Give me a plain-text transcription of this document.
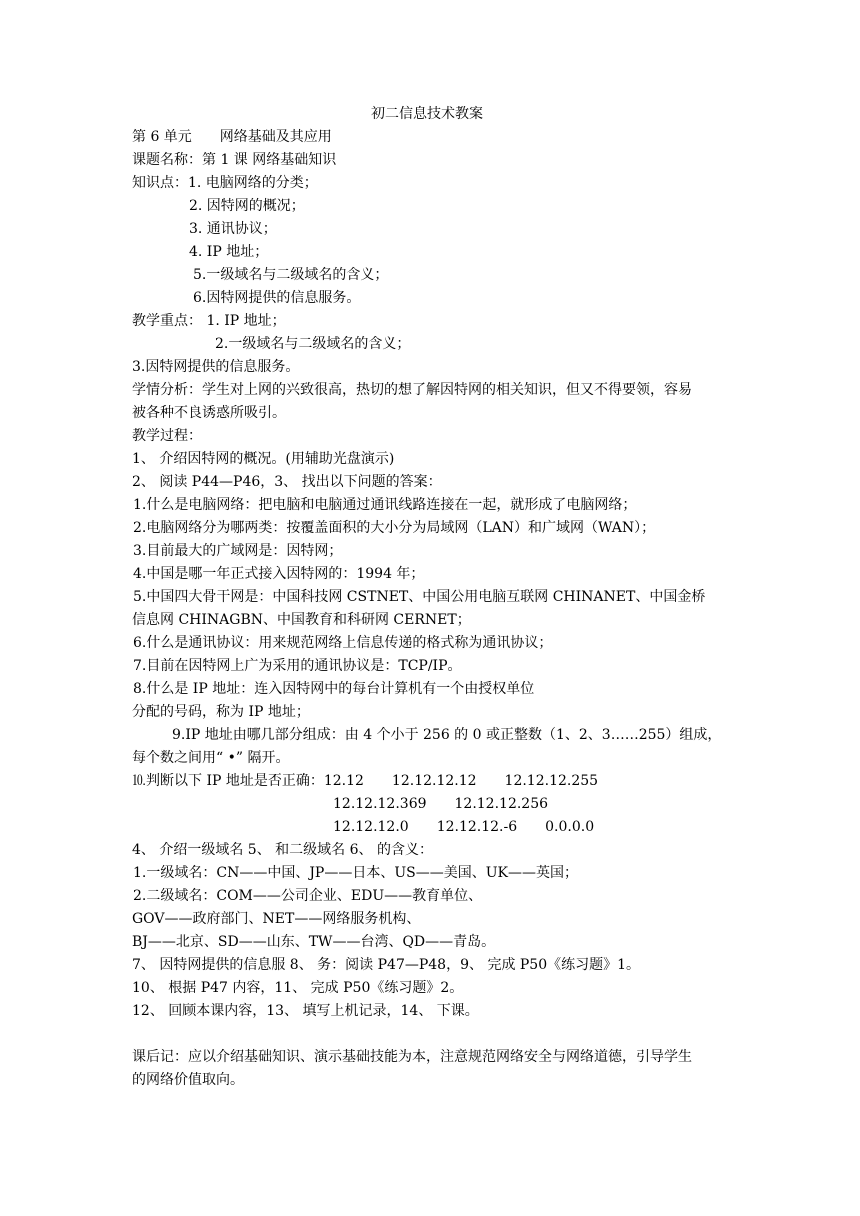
初二信息技术教案
第 6 单元　　网络基础及其应用
课题名称：第 1 课 网络基础知识
知识点：1. 电脑网络的分类；
2. 因特网的概况；
3. 通讯协议；
4. IP 地址；
5.一级域名与二级域名的含义；
6.因特网提供的信息服务。
教学重点： 1. IP 地址；
2.一级域名与二级域名的含义；
3.因特网提供的信息服务。
学情分析：学生对上网的兴致很高，热切的想了解因特网的相关知识，但又不得要领，容易
被各种不良诱惑所吸引。
教学过程：
1、 介绍因特网的概况。(用辅助光盘演示)
2、 阅读 P44—P46，3、 找出以下问题的答案：
1.什么是电脑网络：把电脑和电脑通过通讯线路连接在一起，就形成了电脑网络；
2.电脑网络分为哪两类：按覆盖面积的大小分为局域网（LAN）和广域网（WAN）；
3.目前最大的广域网是：因特网；
4.中国是哪一年正式接入因特网的：1994 年；
5.中国四大骨干网是：中国科技网 CSTNET、中国公用电脑互联网 CHINANET、中国金桥
信息网 CHINAGBN、中国教育和科研网 CERNET；
6.什么是通讯协议：用来规范网络上信息传递的格式称为通讯协议；
7.目前在因特网上广为采用的通讯协议是：TCP/IP。
8.什么是 IP 地址：连入因特网中的每台计算机有一个由授权单位
分配的号码，称为 IP 地址；
9.IP 地址由哪几部分组成：由 4 个小于 256 的 0 或正整数（1、2、3……255）组成，
每个数之间用“ •” 隔开。
⒑判断以下 IP 地址是否正确：12.12　　12.12.12.12　　12.12.12.255
12.12.12.369　　12.12.12.256
12.12.12.0　　12.12.12.-6　　0.0.0.0
4、 介绍一级域名 5、 和二级域名 6、 的含义：
1.一级域名：CN——中国、JP——日本、US——美国、UK——英国；
2.二级域名：COM——公司企业、EDU——教育单位、
GOV——政府部门、NET——网络服务机构、
BJ——北京、SD——山东、TW——台湾、QD——青岛。
7、 因特网提供的信息服 8、 务：阅读 P47—P48，9、 完成 P50《练习题》1。
10、 根据 P47 内容，11、 完成 P50《练习题》2。
12、 回顾本课内容，13、 填写上机记录，14、 下课。
课后记：应以介绍基础知识、演示基础技能为本，注意规范网络安全与网络道德，引导学生
的网络价值取向。
